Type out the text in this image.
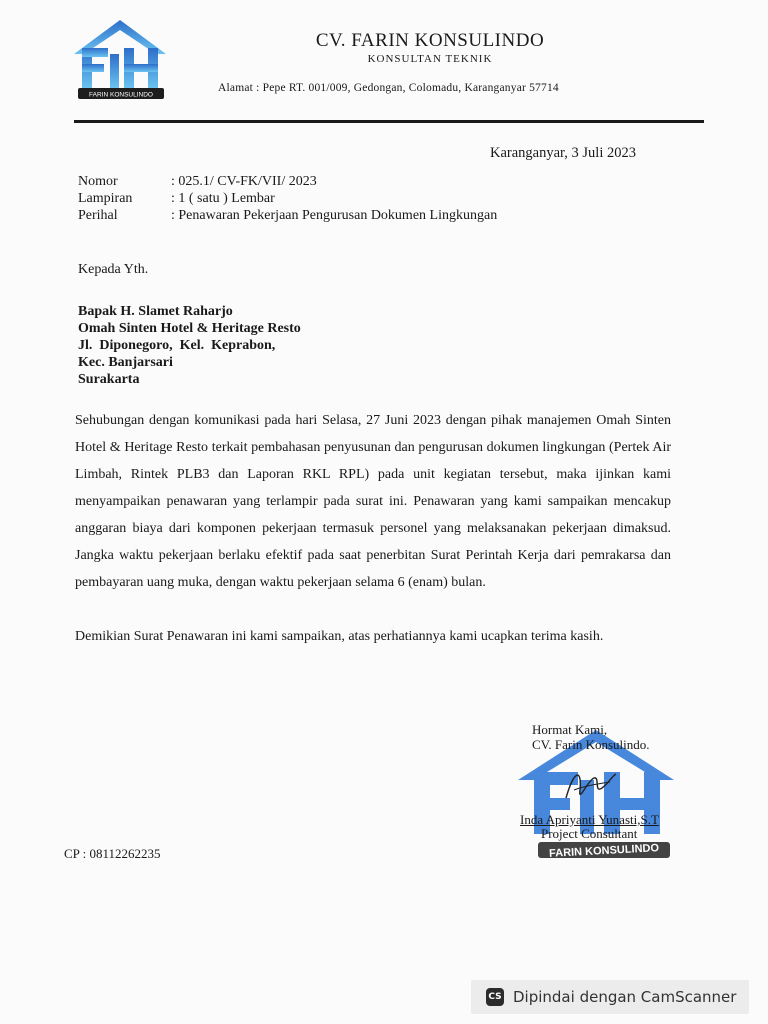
FARIN KONSULINDO
CV. FARIN KONSULINDO
KONSULTAN TEKNIK
Alamat : Pepe RT. 001/009, Gedongan, Colomadu, Karanganyar 57714
Karanganyar, 3 Juli 2023
Nomor	: 025.1/ CV-FK/VII/ 2023
Lampiran	: 1 ( satu ) Lembar
Perihal	: Penawaran Pekerjaan Pengurusan Dokumen Lingkungan
Kepada Yth.
Bapak H. Slamet Raharjo
Omah Sinten Hotel & Heritage Resto
Jl.  Diponegoro,  Kel.  Keprabon,
Kec. Banjarsari
Surakarta
Sehubungan dengan komunikasi pada hari Selasa, 27 Juni 2023 dengan pihak manajemen Omah Sinten Hotel & Heritage Resto terkait pembahasan penyusunan dan pengurusan dokumen lingkungan (Pertek Air Limbah, Rintek PLB3 dan Laporan RKL RPL) pada unit kegiatan tersebut, maka ijinkan kami menyampaikan penawaran yang terlampir pada surat ini. Penawaran yang kami sampaikan mencakup anggaran biaya dari komponen pekerjaan termasuk personel yang melaksanakan pekerjaan dimaksud. Jangka waktu pekerjaan berlaku efektif pada saat penerbitan Surat Perintah Kerja dari pemrakarsa dan pembayaran uang muka, dengan waktu pekerjaan selama 6 (enam) bulan.
Demikian Surat Penawaran ini kami sampaikan, atas perhatiannya kami ucapkan terima kasih.
FARIN KONSULINDO
Hormat Kami,
CV. Farin Konsulindo.
Inda Apriyanti Yunasti,S.T
Project Consultant
CP : 08112262235
CS Dipindai dengan CamScanner
